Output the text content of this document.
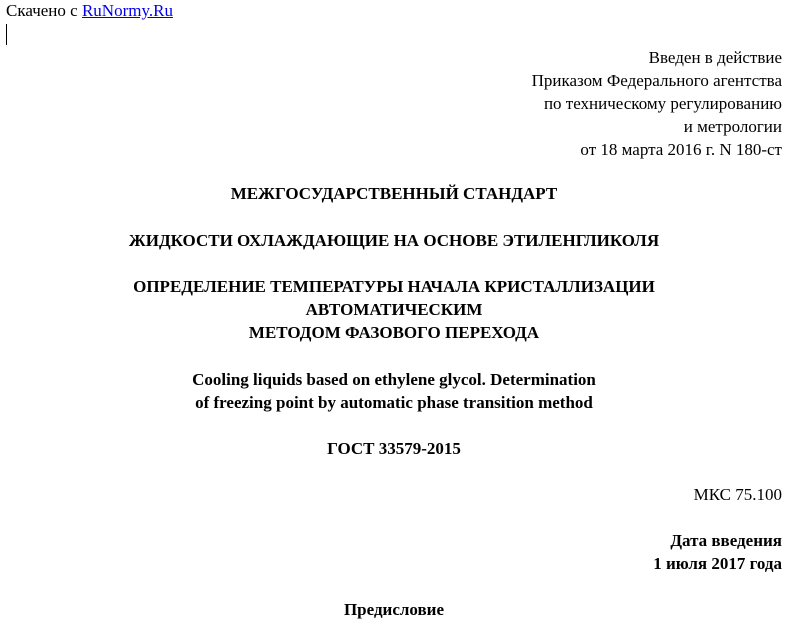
Скачено с RuNormy.Ru
Введен в действие
Приказом Федерального агентства
по техническому регулированию
и метрологии
от 18 марта 2016 г. N 180-ст
МЕЖГОСУДАРСТВЕННЫЙ СТАНДАРТ
ЖИДКОСТИ ОХЛАЖДАЮЩИЕ НА ОСНОВЕ ЭТИЛЕНГЛИКОЛЯ
ОПРЕДЕЛЕНИЕ ТЕМПЕРАТУРЫ НАЧАЛА КРИСТАЛЛИЗАЦИИ
АВТОМАТИЧЕСКИМ
МЕТОДОМ ФАЗОВОГО ПЕРЕХОДА
Cooling liquids based on ethylene glycol. Determination
of freezing point by automatic phase transition method
ГОСТ 33579-2015
МКС 75.100
Дата введения
1 июля 2017 года
Предисловие
